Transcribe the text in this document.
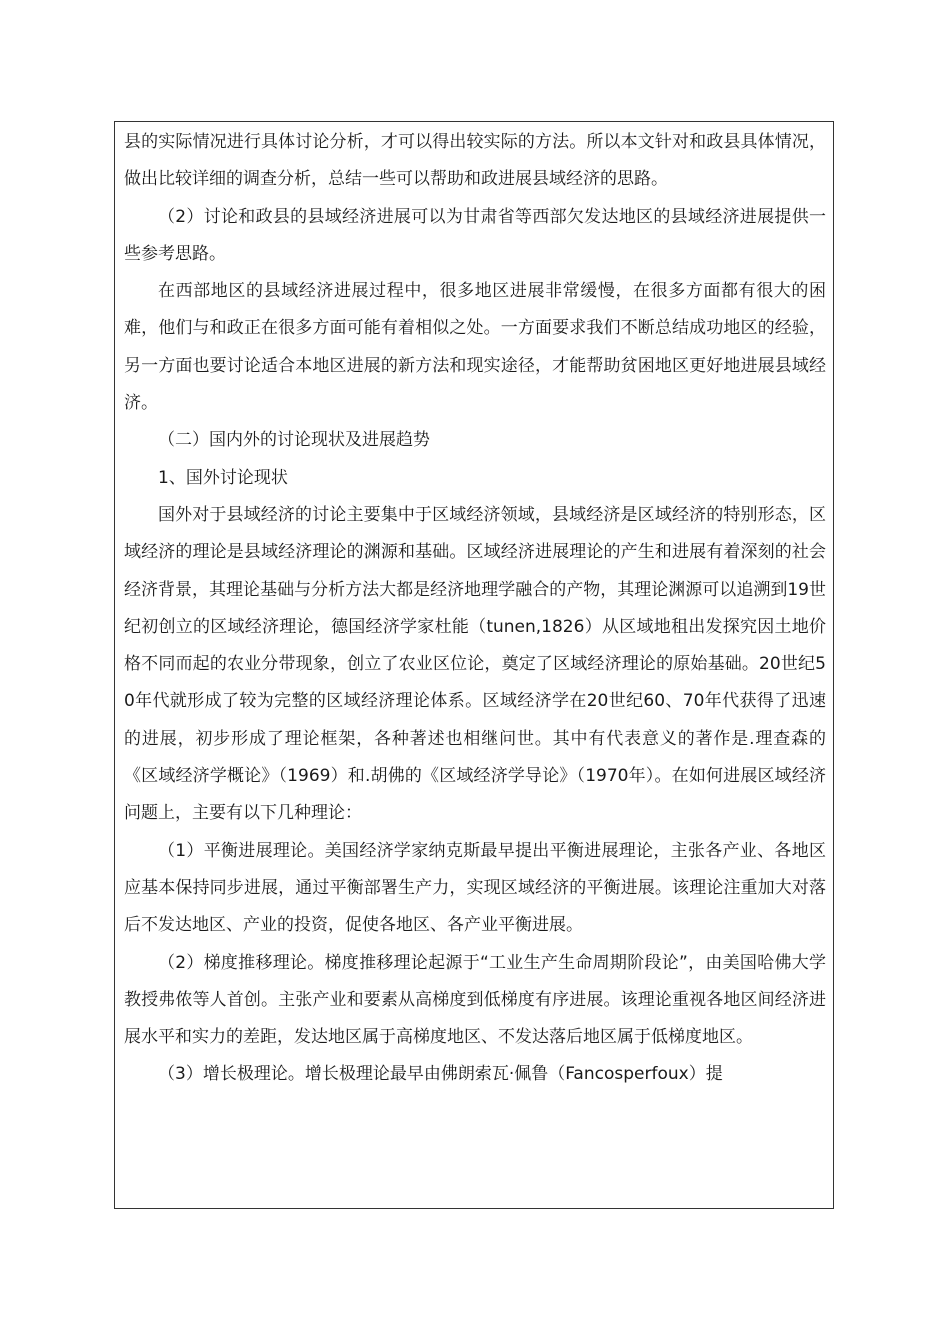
县的实际情况进行具体讨论分析，才可以得出较实际的方法。所以本文针对和政县具体情况，做出比较详细的调查分析，总结一些可以帮助和政进展县域经济的思路。

（2）讨论和政县的县域经济进展可以为甘肃省等西部欠发达地区的县域经济进展提供一些参考思路。

在西部地区的县域经济进展过程中，很多地区进展非常缓慢，在很多方面都有很大的困难，他们与和政正在很多方面可能有着相似之处。一方面要求我们不断总结成功地区的经验，另一方面也要讨论适合本地区进展的新方法和现实途径，才能帮助贫困地区更好地进展县域经济。

（二）国内外的讨论现状及进展趋势

1、国外讨论现状

国外对于县域经济的讨论主要集中于区域经济领域，县域经济是区域经济的特别形态，区域经济的理论是县域经济理论的渊源和基础。区域经济进展理论的产生和进展有着深刻的社会经济背景，其理论基础与分析方法大都是经济地理学融合的产物，其理论渊源可以追溯到19世纪初创立的区域经济理论，德国经济学家杜能（tunen,1826）从区域地租出发探究因土地价格不同而起的农业分带现象，创立了农业区位论，奠定了区域经济理论的原始基础。20世纪50年代就形成了较为完整的区域经济理论体系。区域经济学在20世纪60、70年代获得了迅速的进展，初步形成了理论框架，各种著述也相继问世。其中有代表意义的著作是.理查森的《区域经济学概论》（1969）和.胡佛的《区域经济学导论》（1970年）。在如何进展区域经济问题上，主要有以下几种理论：

（1）平衡进展理论。美国经济学家纳克斯最早提出平衡进展理论，主张各产业、各地区应基本保持同步进展，通过平衡部署生产力，实现区域经济的平衡进展。该理论注重加大对落后不发达地区、产业的投资，促使各地区、各产业平衡进展。

（2）梯度推移理论。梯度推移理论起源于“工业生产生命周期阶段论”，由美国哈佛大学教授弗侬等人首创。主张产业和要素从高梯度到低梯度有序进展。该理论重视各地区间经济进展水平和实力的差距，发达地区属于高梯度地区、不发达落后地区属于低梯度地区。

（3）增长极理论。增长极理论最早由佛朗索瓦·佩鲁（Fancosperfoux）提
